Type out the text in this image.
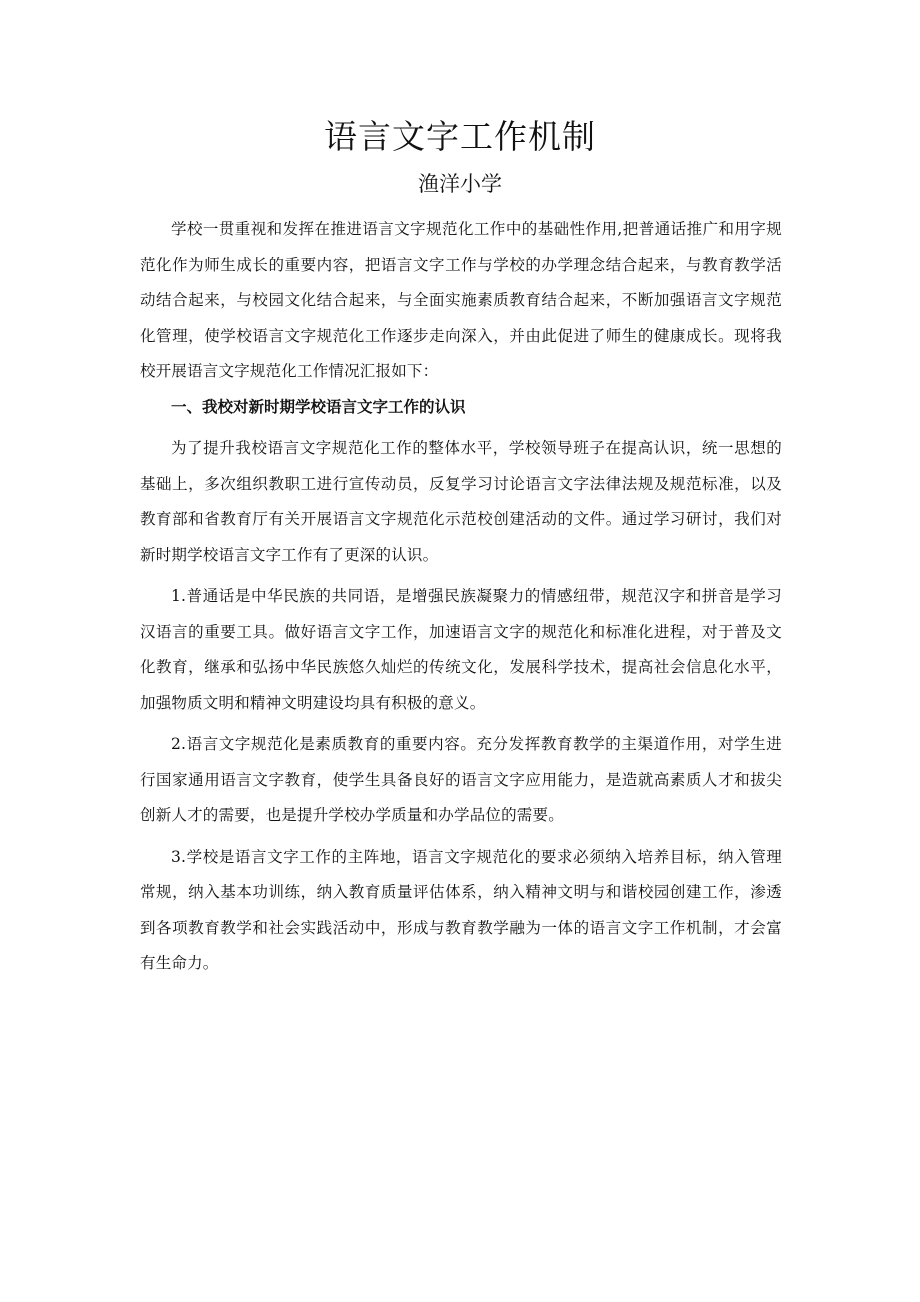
语言文字工作机制
渔洋小学

学校一贯重视和发挥在推进语言文字规范化工作中的基础性作用,把普通话推广和用字规范化作为师生成长的重要内容，把语言文字工作与学校的办学理念结合起来，与教育教学活动结合起来，与校园文化结合起来，与全面实施素质教育结合起来，不断加强语言文字规范化管理，使学校语言文字规范化工作逐步走向深入，并由此促进了师生的健康成长。现将我校开展语言文字规范化工作情况汇报如下：

一、我校对新时期学校语言文字工作的认识

为了提升我校语言文字规范化工作的整体水平，学校领导班子在提高认识，统一思想的基础上，多次组织教职工进行宣传动员，反复学习讨论语言文字法律法规及规范标准，以及教育部和省教育厅有关开展语言文字规范化示范校创建活动的文件。通过学习研讨，我们对新时期学校语言文字工作有了更深的认识。

1.普通话是中华民族的共同语，是增强民族凝聚力的情感纽带，规范汉字和拼音是学习汉语言的重要工具。做好语言文字工作，加速语言文字的规范化和标准化进程，对于普及文化教育，继承和弘扬中华民族悠久灿烂的传统文化，发展科学技术，提高社会信息化水平，加强物质文明和精神文明建设均具有积极的意义。

2.语言文字规范化是素质教育的重要内容。充分发挥教育教学的主渠道作用，对学生进行国家通用语言文字教育，使学生具备良好的语言文字应用能力，是造就高素质人才和拔尖创新人才的需要，也是提升学校办学质量和办学品位的需要。

3.学校是语言文字工作的主阵地，语言文字规范化的要求必须纳入培养目标，纳入管理常规，纳入基本功训练，纳入教育质量评估体系，纳入精神文明与和谐校园创建工作，渗透到各项教育教学和社会实践活动中，形成与教育教学融为一体的语言文字工作机制，才会富有生命力。
